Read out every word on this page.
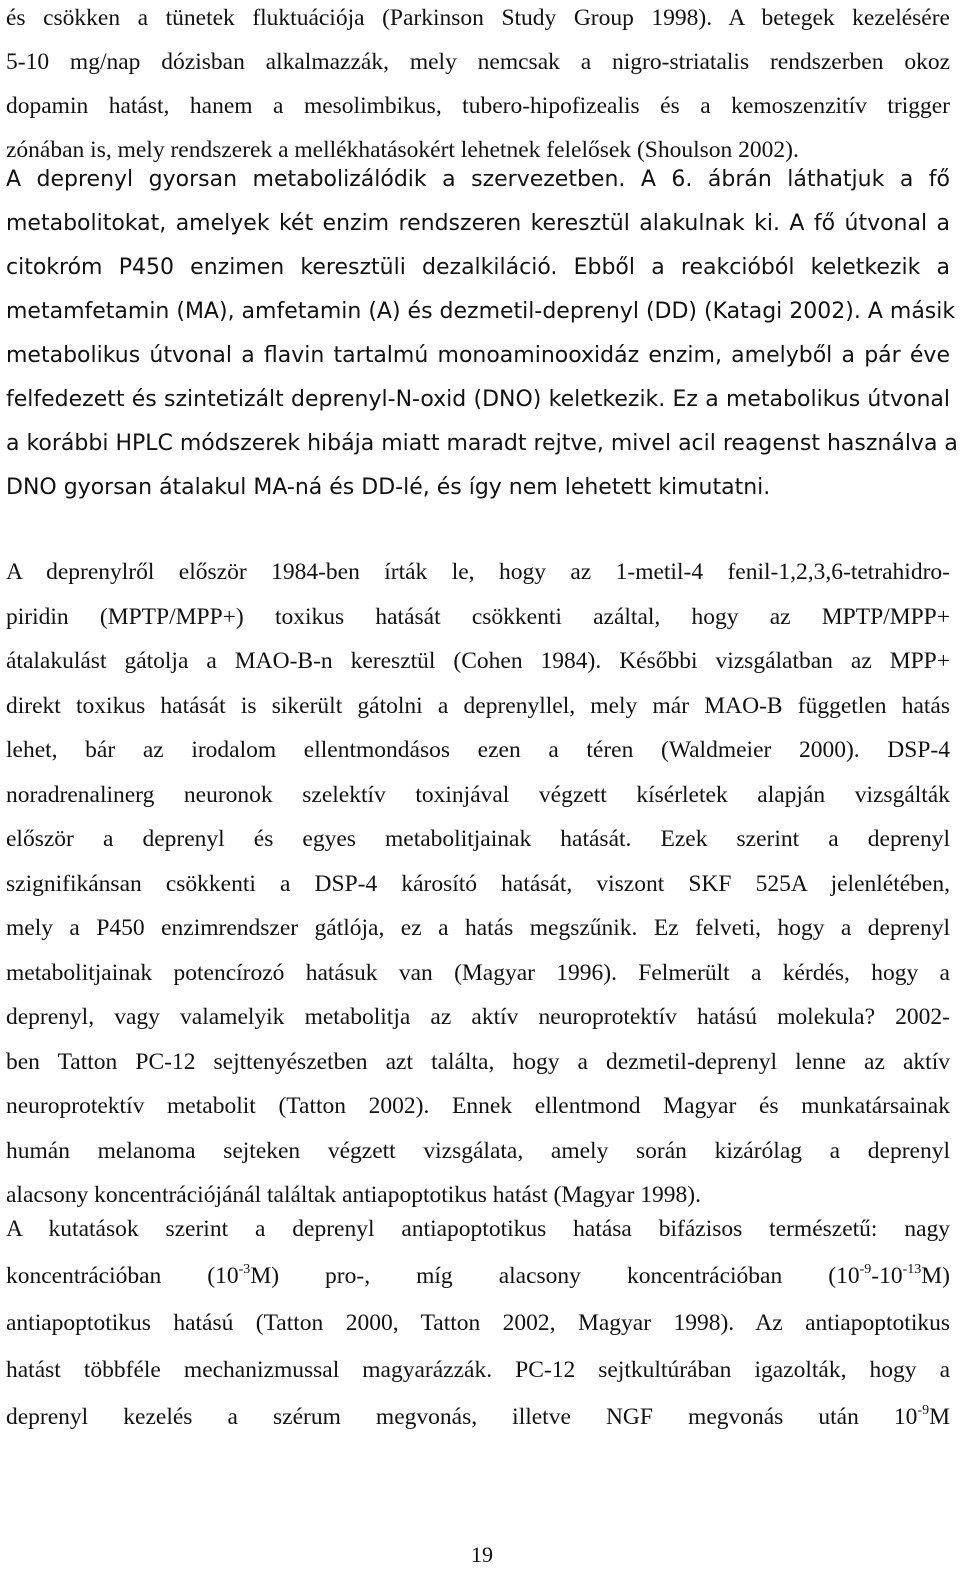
és csökken a tünetek fluktuációja (Parkinson Study Group 1998). A betegek kezelésére
5-10 mg/nap dózisban alkalmazzák, mely nemcsak a nigro-striatalis rendszerben okoz
dopamin hatást, hanem a mesolimbikus, tubero-hipofizealis és a kemoszenzitív trigger
zónában is, mely rendszerek a mellékhatásokért lehetnek felelősek (Shoulson 2002).
A deprenyl gyorsan metabolizálódik a szervezetben. A 6. ábrán láthatjuk a fő
metabolitokat, amelyek két enzim rendszeren keresztül alakulnak ki. A fő útvonal a
citokróm P450 enzimen keresztüli dezalkiláció. Ebből a reakcióból keletkezik a
metamfetamin (MA), amfetamin (A) és dezmetil-deprenyl (DD) (Katagi 2002). A másik
metabolikus útvonal a flavin tartalmú monoaminooxidáz enzim, amelyből a pár éve
felfedezett és szintetizált deprenyl-N-oxid (DNO) keletkezik. Ez a metabolikus útvonal
a korábbi HPLC módszerek hibája miatt maradt rejtve, mivel acil reagenst használva a
DNO gyorsan átalakul MA-ná és DD-lé, és így nem lehetett kimutatni.
A deprenylről először 1984-ben írták le, hogy az 1-metil-4 fenil-1,2,3,6-tetrahidro-
piridin (MPTP/MPP+) toxikus hatását csökkenti azáltal, hogy az MPTP/MPP+
átalakulást gátolja a MAO-B-n keresztül (Cohen 1984). Későbbi vizsgálatban az MPP+
direkt toxikus hatását is sikerült gátolni a deprenyllel, mely már MAO-B független hatás
lehet, bár az irodalom ellentmondásos ezen a téren (Waldmeier 2000). DSP-4
noradrenalinerg neuronok szelektív toxinjával végzett kísérletek alapján vizsgálták
először a deprenyl és egyes metabolitjainak hatását. Ezek szerint a deprenyl
szignifikánsan csökkenti a DSP-4 károsító hatását, viszont SKF 525A jelenlétében,
mely a P450 enzimrendszer gátlója, ez a hatás megszűnik. Ez felveti, hogy a deprenyl
metabolitjainak potencírozó hatásuk van (Magyar 1996). Felmerült a kérdés, hogy a
deprenyl, vagy valamelyik metabolitja az aktív neuroprotektív hatású molekula? 2002-
ben Tatton PC-12 sejttenyészetben azt találta, hogy a dezmetil-deprenyl lenne az aktív
neuroprotektív metabolit (Tatton 2002). Ennek ellentmond Magyar és munkatársainak
humán melanoma sejteken végzett vizsgálata, amely során kizárólag a deprenyl
alacsony koncentrációjánál találtak antiapoptotikus hatást (Magyar 1998).
A kutatások szerint a deprenyl antiapoptotikus hatása bifázisos természetű: nagy
koncentrációban $(10^{-3}M)$ pro-, míg alacsony koncentrációban $(10^{-9}-10^{-13}M)$
antiapoptotikus hatású (Tatton 2000, Tatton 2002, Magyar 1998). Az antiapoptotikus
hatást többféle mechanizmussal magyarázzák. PC-12 sejtkultúrában igazolták, hogy a
deprenyl kezelés a szérum megvonás, illetve NGF megvonás után $10^{-9}M$
19
